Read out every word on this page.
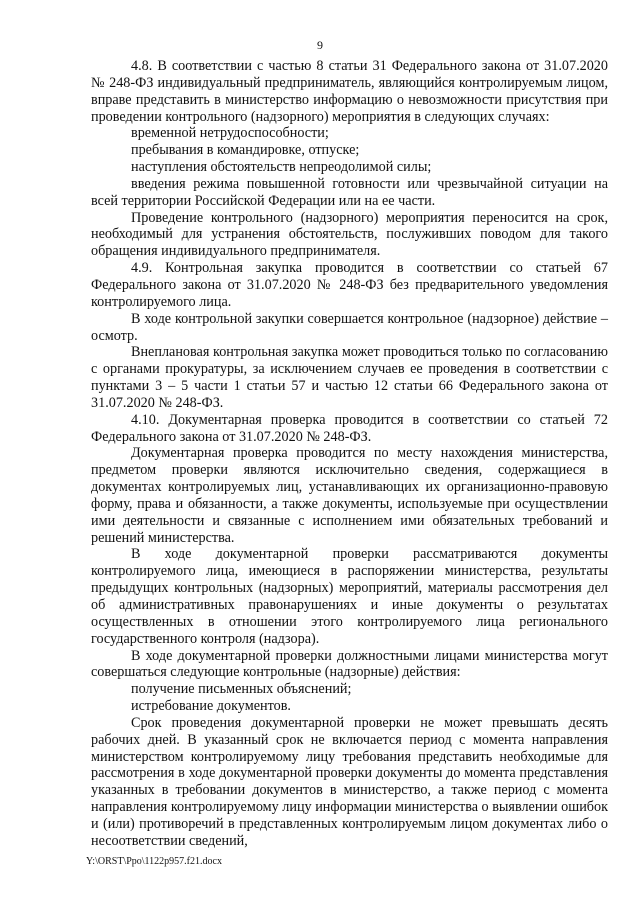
9

4.8. В соответствии с частью 8 статьи 31 Федерального закона от 31.07.2020 № 248-ФЗ индивидуальный предприниматель, являющийся контролируемым лицом, вправе представить в министерство информацию о невозможности присутствия при проведении контрольного (надзорного) мероприятия в следующих случаях:

временной нетрудоспособности;

пребывания в командировке, отпуске;

наступления обстоятельств непреодолимой силы;

введения режима повышенной готовности или чрезвычайной ситуации на всей территории Российской Федерации или на ее части.

Проведение контрольного (надзорного) мероприятия переносится на срок, необходимый для устранения обстоятельств, послуживших поводом для такого обращения индивидуального предпринимателя.

4.9. Контрольная закупка проводится в соответствии со статьей 67 Федерального закона от 31.07.2020 № 248-ФЗ без предварительного уведомления контролируемого лица.

В ходе контрольной закупки совершается контрольное (надзорное) действие – осмотр.

Внеплановая контрольная закупка может проводиться только по согласованию с органами прокуратуры, за исключением случаев ее проведения в соответствии с пунктами 3 – 5 части 1 статьи 57 и частью 12 статьи 66 Федерального закона от 31.07.2020 № 248-ФЗ.

4.10. Документарная проверка проводится в соответствии со статьей 72 Федерального закона от 31.07.2020 № 248-ФЗ.

Документарная проверка проводится по месту нахождения министерства, предметом проверки являются исключительно сведения, содержащиеся в документах контролируемых лиц, устанавливающих их организационно-правовую форму, права и обязанности, а также документы, используемые при осуществлении ими деятельности и связанные с исполнением ими обязательных требований и решений министерства.

В ходе документарной проверки рассматриваются документы контролируемого лица, имеющиеся в распоряжении министерства, результаты предыдущих контрольных (надзорных) мероприятий, материалы рассмотрения дел об административных правонарушениях и иные документы о результатах осуществленных в отношении этого контролируемого лица регионального государственного контроля (надзора).

В ходе документарной проверки должностными лицами министерства могут совершаться следующие контрольные (надзорные) действия:

получение письменных объяснений;

истребование документов.

Срок проведения документарной проверки не может превышать десять рабочих дней. В указанный срок не включается период с момента направления министерством контролируемому лицу требования представить необходимые для рассмотрения в ходе документарной проверки документы до момента представления указанных в требовании документов в министерство, а также период с момента направления контролируемому лицу информации министерства о выявлении ошибок и (или) противоречий в представленных контролируемым лицом документах либо о несоответствии сведений,

Y:\ORST\Ppo\1122p957.f21.docx
